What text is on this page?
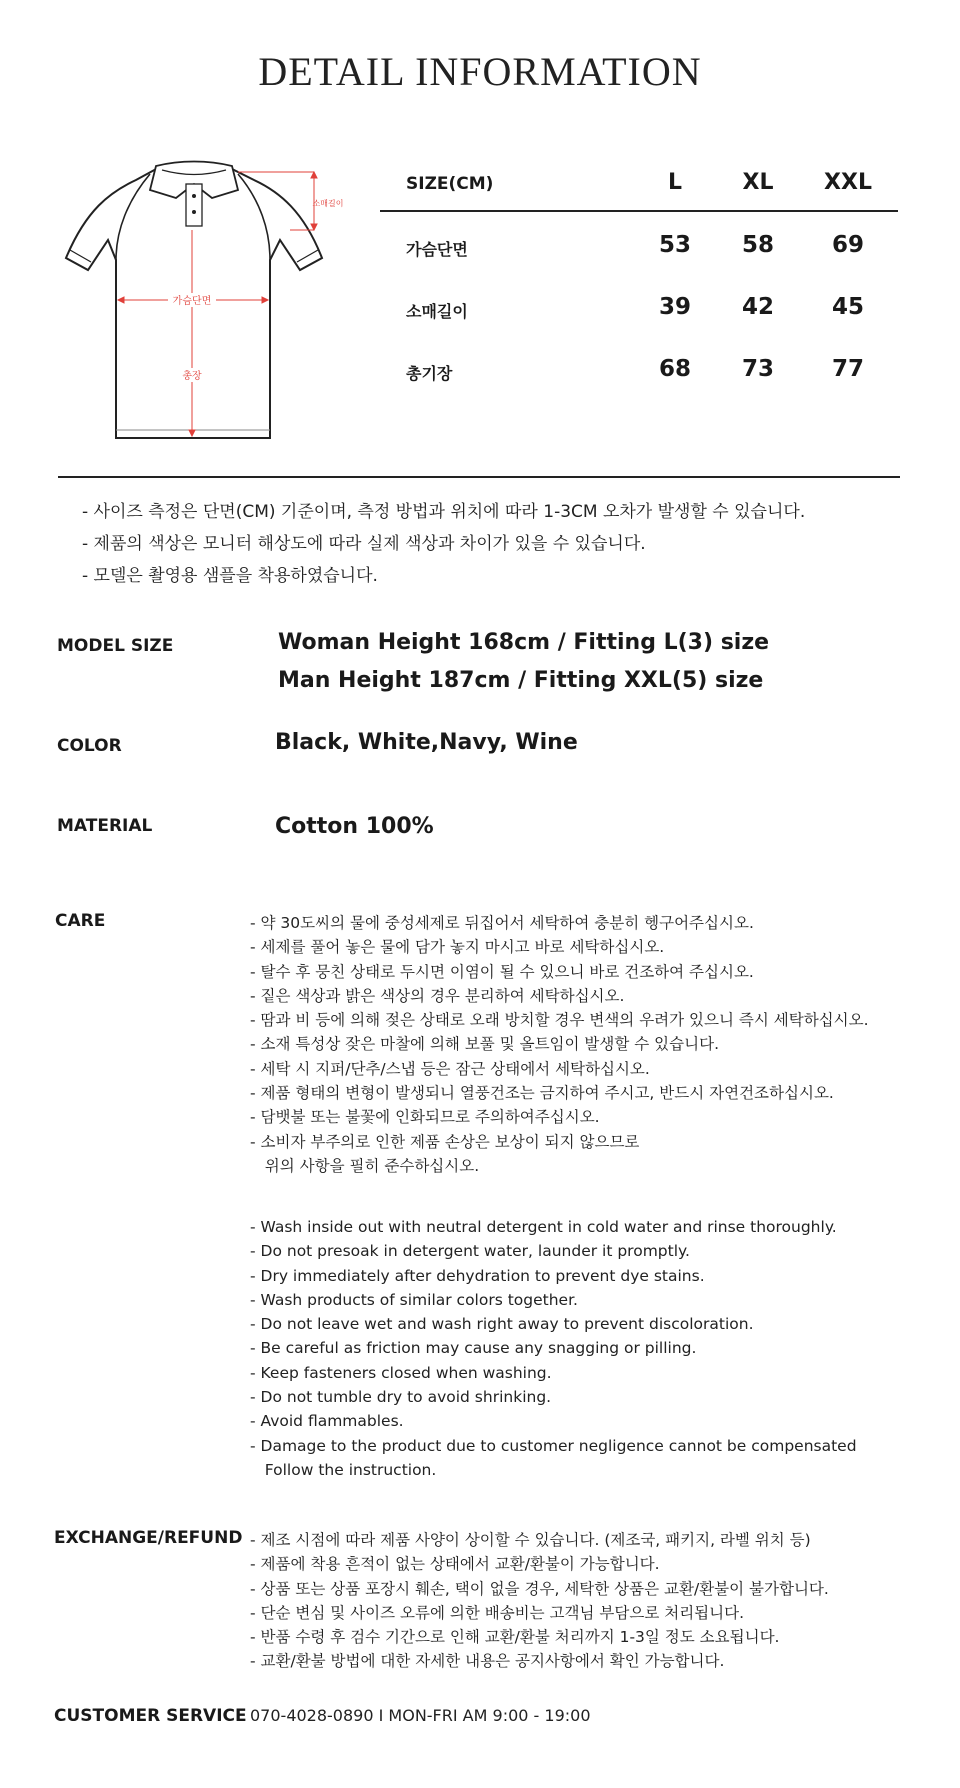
DETAIL INFORMATION
가슴단면
총장
소매길이
SIZE(CM)	L	XL	XXL
가슴단면	53	58	69
소매길이	39	42	45
총기장	68	73	77
- 사이즈 측정은 단면(CM) 기준이며, 측정 방법과 위치에 따라 1-3CM 오차가 발생할 수 있습니다.
- 제품의 색상은 모니터 해상도에 따라 실제 색상과 차이가 있을 수 있습니다.
- 모델은 촬영용 샘플을 착용하였습니다.
MODEL SIZE	Woman Height 168cm / Fitting L(3) size
Man Height 187cm / Fitting XXL(5) size
COLOR	Black, White,Navy, Wine
MATERIAL	Cotton 100%
CARE	- 약 30도씨의 물에 중성세제로 뒤집어서 세탁하여 충분히 헹구어주십시오.
- 세제를 풀어 놓은 물에 담가 놓지 마시고 바로 세탁하십시오.
- 탈수 후 뭉친 상태로 두시면 이염이 될 수 있으니 바로 건조하여 주십시오.
- 짙은 색상과 밝은 색상의 경우 분리하여 세탁하십시오.
- 땀과 비 등에 의해 젖은 상태로 오래 방치할 경우 변색의 우려가 있으니 즉시 세탁하십시오.
- 소재 특성상 잦은 마찰에 의해 보풀 및 올트임이 발생할 수 있습니다.
- 세탁 시 지퍼/단추/스냅 등은 잠근 상태에서 세탁하십시오.
- 제품 형태의 변형이 발생되니 열풍건조는 금지하여 주시고, 반드시 자연건조하십시오.
- 담뱃불 또는 불꽃에 인화되므로 주의하여주십시오.
- 소비자 부주의로 인한 제품 손상은 보상이 되지 않으므로
위의 사항을 필히 준수하십시오.
- Wash inside out with neutral detergent in cold water and rinse thoroughly.
- Do not presoak in detergent water, launder it promptly.
- Dry immediately after dehydration to prevent dye stains.
- Wash products of similar colors together.
- Do not leave wet and wash right away to prevent discoloration.
- Be careful as friction may cause any snagging or pilling.
- Keep fasteners closed when washing.
- Do not tumble dry to avoid shrinking.
- Avoid flammables.
- Damage to the product due to customer negligence cannot be compensated
Follow the instruction.
EXCHANGE/REFUND - 제조 시점에 따라 제품 사양이 상이할 수 있습니다. (제조국, 패키지, 라벨 위치 등)
- 제품에 착용 흔적이 없는 상태에서 교환/환불이 가능합니다.
- 상품 또는 상품 포장시 훼손, 택이 없을 경우, 세탁한 상품은 교환/환불이 불가합니다.
- 단순 변심 및 사이즈 오류에 의한 배송비는 고객님 부담으로 처리됩니다.
- 반품 수령 후 검수 기간으로 인해 교환/환불 처리까지 1-3일 정도 소요됩니다.
- 교환/환불 방법에 대한 자세한 내용은 공지사항에서 확인 가능합니다.
CUSTOMER SERVICE 070-4028-0890 I MON-FRI AM 9:00 - 19:00
